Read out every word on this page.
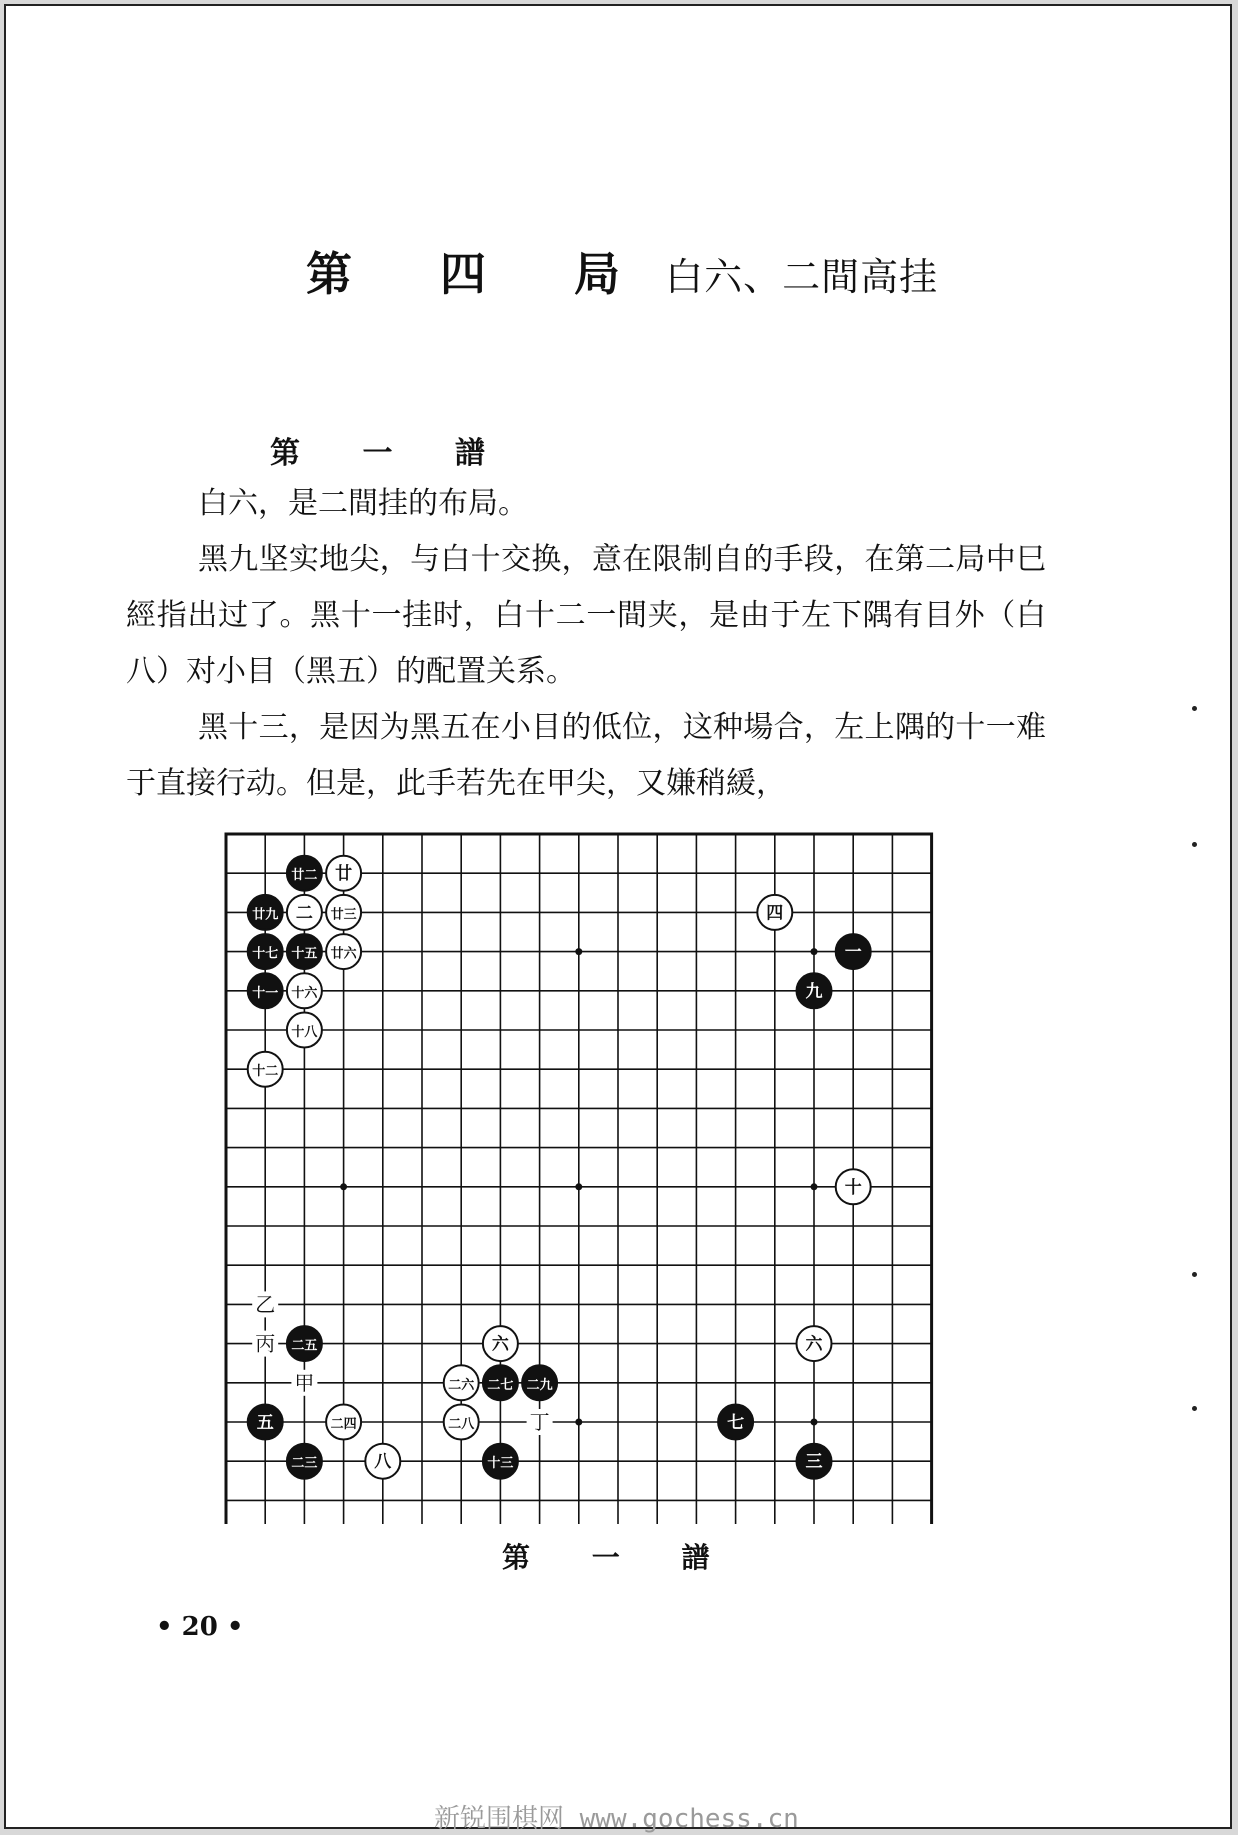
第 四 局 白六、二間高挂
第 一 譜

白六，是二間挂的布局。

黑九坚实地尖，与白十交换，意在限制自的手段，在第二局中巳經指出过了。黑十一挂时，白十二一間夹，是由于左下隅有目外（白八）对小目（黑五）的配置关系。

黑十三，是因为黑五在小目的低位，这种場合，左上隅的十一难于直接行动。但是，此手若先在甲尖，又嫌稍緩，

廿九
十七
十一
十二
廿二
二
十五
十六
十八
廿
廿三
廿六
四
一
九
十
二五
五	二四
二三	八
六
二七 二九
二六
二八
十三
七
六
三
甲
乙
丙
丁
第 一 譜
• 20 •
新锐围棋网 www.gochess.cn
